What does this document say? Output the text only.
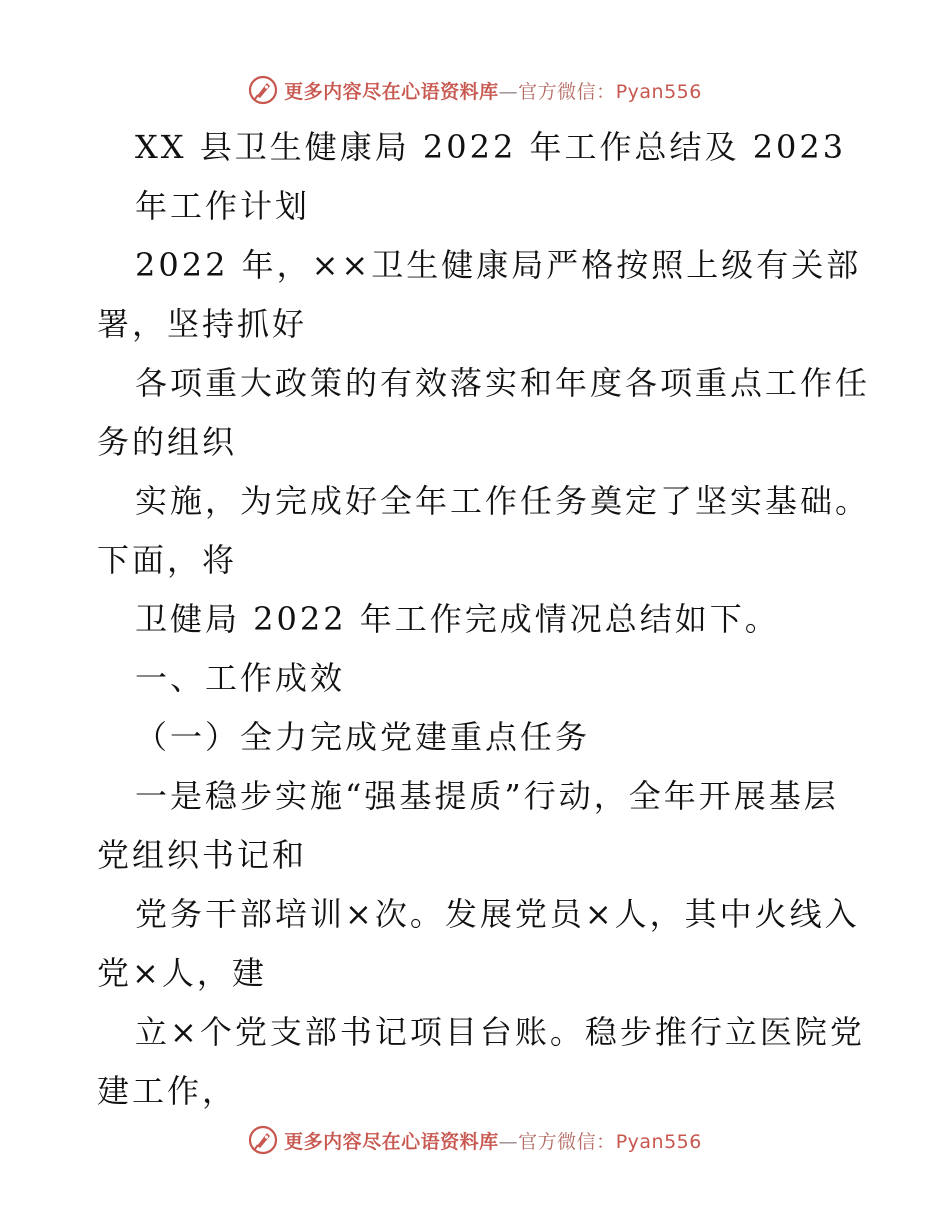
更多内容尽在心语资料库—官方微信：Pyan556
XX 县卫生健康局 2022 年工作总结及 2023
年工作计划
2022 年，××卫生健康局严格按照上级有关部
署，坚持抓好
各项重大政策的有效落实和年度各项重点工作任
务的组织
实施，为完成好全年工作任务奠定了坚实基础。
下面，将
卫健局 2022 年工作完成情况总结如下。
一、工作成效
（一）全力完成党建重点任务
一是稳步实施“强基提质”行动，全年开展基层
党组织书记和
党务干部培训×次。发展党员×人，其中火线入
党×人，建
立×个党支部书记项目台账。稳步推行立医院党
建工作，
更多内容尽在心语资料库—官方微信：Pyan556
